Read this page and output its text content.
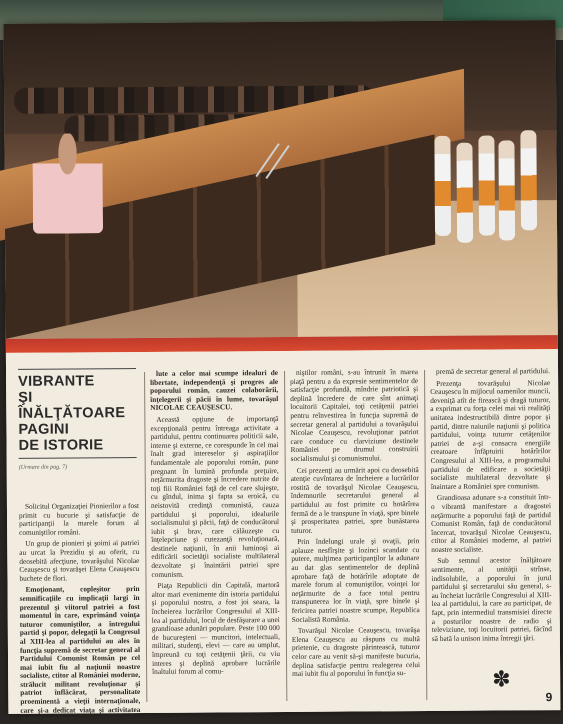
VIBRANTE
ŞI
ÎNĂLŢĂTOARE
PAGINI
DE ISTORIE
(Urmare din pag. 7)

Solicitul Organizaţiei Pionierilor a fost primit cu bucurie şi satisfacţie de participanţii la marele forum al comuniştilor români.

Un grup de pionieri şi şoimi ai patriei au urcat la Prezidiu şi au oferit, cu deosebită afecţiune, tovarăşului Nicolae Ceauşescu şi tovarăşei Elena Ceauşescu buchete de flori.

Emoţionant, copleşitor prin semnificaţiile cu implicaţii largi în prezentul şi viitorul patriei a fost momentul în care, exprimând voinţa tuturor comuniştilor, a întregului partid şi popor, delegaţii la Congresul al XIII-lea al partidului au ales în funcţia supremă de secretar general al Partidului Comunist Român pe cel mai iubit fiu al naţiunii noastre socialiste, ctitor al României moderne, strălucit militant revoluţionar şi patriot înflăcărat, personalitate proeminentă a vieţii internaţionale, care şi-a dedicat viaţa şi activitatea slujirii neabătute

lute a celor mai scumpe idealuri de libertate, independenţă şi progres ale poporului român, cauzei colaborării, înţelegerii şi păcii în lume, tovarăşul NICOLAE CEAUŞESCU.

Această opţiune de importanţă excepţională pentru întreaga activitate a partidului, pentru continuarea politicii sale, interne şi externe, ce corespunde în cel mai înalt grad intereselor şi aspiraţiilor fundamentale ale poporului român, pune pregnant în lumină profunda preţuire, nețărmurita dragoste şi încredere nutrite de toţi fiii României faţă de cel care slujeşte, cu gîndul, inima şi fapta sa eroică, cu neistovită credinţă comunistă, cauza partidului şi poporului, idealurile socialismului şi păcii, faţă de conducătorul iubit şi brav, care călăuzeşte cu înţelepciune şi cutezanţă revoluţionară, destinele naţiunii, în anii luminoşi ai edificării societăţii socialiste multilateral dezvoltate şi înaintării patriei spre comunism.

Piaţa Republicii din Capitală, martoră altor mari evenimente din istoria partidului şi poporului nostru, a fost joi seara, la încheierea lucrărilor Congresului al XIII-lea al partidului, locul de desfăşurare a unei grandioase adunări populare. Peste 100 000 de bucureşteni — muncitori, intelectuali, militari, studenţi, elevi — care au umplut, împreună cu toţi cetăţenii ţării, cu viu interes şi deplină aprobare lucrările înaltului forum al comu-

niştilor români, s-au întrunit în marea piaţă pentru a da expresie sentimentelor de satisfacţie profundă, mîndrie patriotică şi deplină încredere de care sînt animaţi locuitorii Capitalei, toţi cetăţenii patriei pentru reînvestirea în funcţia supremă de secretar general al partidului a tovarăşului Nicolae Ceauşescu, revoluţionar patriot care conduce cu clarviziune destinele României pe drumul construirii socialismului şi comunismului.

Cei prezenţi au urmărit apoi cu deosebită atenţie cuvîntarea de încheiere a lucrărilor rostită de tovarăşul Nicolae Ceauşescu, îndemnurile secretarului general al partidului au fost primite cu hotărîrea fermă de a le transpune în viaţă, spre binele şi prosperitatea patriei, spre bunăstarea tuturor.

Prin îndelungi urale şi ovaţii, prin aplauze nesfîrşite şi lozinci scandate cu putere, mulţimea participanţilor la adunare au dat glas sentimentelor de deplină aprobare faţă de hotărîrile adoptate de marele forum al comuniştilor, voinţei lor neţărmurite de a face totul pentru transpunerea lor în viaţă, spre binele şi fericirea patriei noastre scumpe, Republica Socialistă România.

Tovarăşul Nicolae Ceauşescu, tovarăşa Elena Ceauşescu au răspuns cu multă prietenie, cu dragoste părintească, tuturor celor care au venit să-şi manifeste bucuria, deplina satisfacţie pentru realegerea celui mai iubit fiu al poporului în funcţia su-

premă de secretar general al partidului.

Prezenţa tovarăşului Nicolae Ceauşescu în mijlocul oamenilor muncii, deveniţă atît de firească şi dragă tuturor, a exprimat cu forţa celei mai vii realităţi unitatea indestructibilă dintre popor şi partid, dintre naiunile naţiunii şi politica partidului, voinţa tuturor cetăţenilor patriei de a-şi consacra energiile creatoare înfăptuirii hotărîrilor Congresului al XIII-lea, a programului partidului de edificare a societăţii socialiste multilateral dezvoltate şi înaintare a României spre comunism.

Grandioasa adunare s-a constituit într-o vibrantă manifestare a dragostei neţărmurite a poporului faţă de partidul Comunist Român, faţă de conducătorul încercat, tovarăşul Nicolae Ceauşescu, ctitor al României moderne, al patriei noastre socialiste.

Sub semnul acestor înălţătoare sentimente, al unităţii strînse, indisolubile, a poporului în jurul partidului şi secretarului său general, s-au încheiat lucrările Congresului al XIII-lea al partidului, la care au participat, de fapt, prin intermediul transmisiei directe a posturilor noastre de radio şi televiziune, toţi locuitorii patriei, făcînd să bată la unison inima întregii ţări.

✽
9
